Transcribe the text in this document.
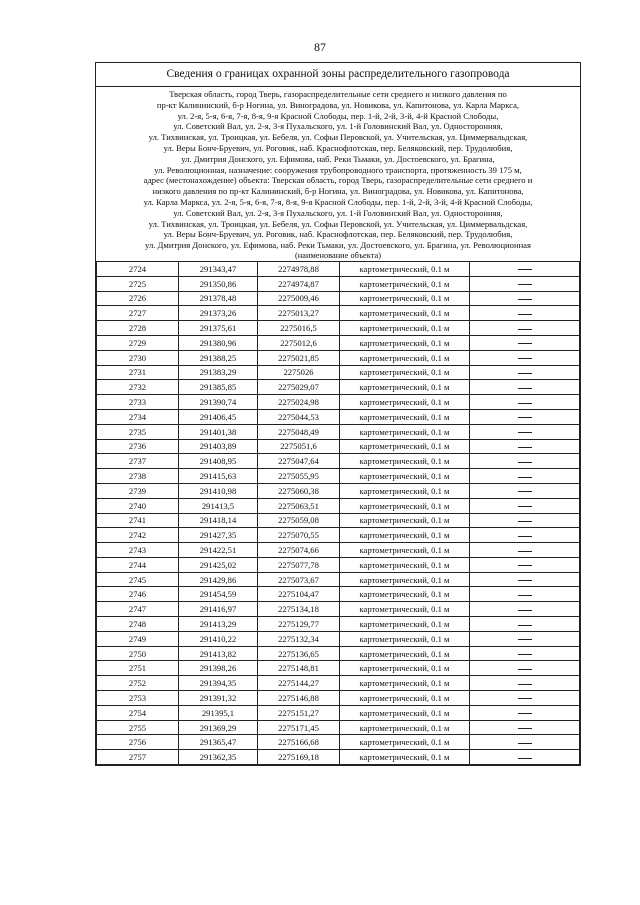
87
Сведения о границах охранной зоны распределительного газопровода
Тверская область, город Тверь, газораспределительные сети среднего и низкого давления по
пр-кт Калининский, б-р Ногина, ул. Виноградова, ул. Новикова, ул. Капитонова, ул. Карла Маркса,
ул. 2-я, 5-я, 6-я, 7-я, 8-я, 9-я Красной Слободы, пер. 1-й, 2-й, 3-й, 4-й Красной Слободы,
ул. Советский Вал, ул. 2-я, 3-я Пухальского, ул. 1-й Головинский Вал, ул. Односторонняя,
ул. Тихвинская, ул. Троицкая, ул. Бебеля, ул. Софьи Перовской, ул. Учительская, ул. Циммервальдская,
ул. Веры Бонч-Бруевич, ул. Роговик, наб. Краснофлотская, пер. Беляковский, пер. Трудолюбия,
ул. Дмитрия Донского, ул. Ефимова, наб. Реки Тьмаки, ул. Достоевского, ул. Брагина,
ул. Революционная, назначение: сооружения трубопроводного транспорта, протяженность 39 175 м,
адрес (местонахождение) объекта: Тверская область, город Тверь, газораспределительные сети среднего и
низкого давления по пр-кт Калининский, б-р Ногина, ул. Виноградова, ул. Новикова, ул. Капитонова,
ул. Карла Маркса, ул. 2-я, 5-я, 6-я, 7-я, 8-я, 9-я Красной Слободы, пер. 1-й, 2-й, 3-й, 4-й Красной Слободы,
ул. Советский Вал, ул. 2-я, 3-я Пухальского, ул. 1-й Головинский Вал, ул. Односторонняя,
ул. Тихвинская, ул. Троицкая, ул. Бебеля, ул. Софьи Перовской, ул. Учительская, ул. Циммервальдская,
ул. Веры Бонч-Бруевич, ул. Роговик, наб. Краснофлотская, пер. Беляковский, пер. Трудолюбия,
ул. Дмитрия Донского, ул. Ефимова, наб. Реки Тьмаки, ул. Достоевского, ул. Брагина, ул. Революционная
(наименование объекта)
2724	291343,47	2274978,88	картометрический, 0.1 м	
2725	291350,86	2274974,87	картометрический, 0.1 м	
2726	291378,48	2275009,46	картометрический, 0.1 м	
2727	291373,26	2275013,27	картометрический, 0.1 м	
2728	291375,61	2275016,5	картометрический, 0.1 м	
2729	291380,96	2275012,6	картометрический, 0.1 м	
2730	291388,25	2275021,85	картометрический, 0.1 м	
2731	291383,29	2275026	картометрический, 0.1 м	
2732	291385,85	2275029,07	картометрический, 0.1 м	
2733	291390,74	2275024,98	картометрический, 0.1 м	
2734	291406,45	2275044,53	картометрический, 0.1 м	
2735	291401,38	2275048,49	картометрический, 0.1 м	
2736	291403,89	2275051,6	картометрический, 0.1 м	
2737	291408,95	2275047,64	картометрический, 0.1 м	
2738	291415,63	2275055,95	картометрический, 0.1 м	
2739	291410,98	2275060,38	картометрический, 0.1 м	
2740	291413,5	2275063,51	картометрический, 0.1 м	
2741	291418,14	2275059,08	картометрический, 0.1 м	
2742	291427,35	2275070,55	картометрический, 0.1 м	
2743	291422,51	2275074,66	картометрический, 0.1 м	
2744	291425,02	2275077,78	картометрический, 0.1 м	
2745	291429,86	2275073,67	картометрический, 0.1 м	
2746	291454,59	2275104,47	картометрический, 0.1 м	
2747	291416,97	2275134,18	картометрический, 0.1 м	
2748	291413,29	2275129,77	картометрический, 0.1 м	
2749	291410,22	2275132,34	картометрический, 0.1 м	
2750	291413,82	2275136,65	картометрический, 0.1 м	
2751	291398,26	2275148,81	картометрический, 0.1 м	
2752	291394,35	2275144,27	картометрический, 0.1 м	
2753	291391,32	2275146,88	картометрический, 0.1 м	
2754	291395,1	2275151,27	картометрический, 0.1 м	
2755	291369,29	2275171,45	картометрический, 0.1 м	
2756	291365,47	2275166,68	картометрический, 0.1 м	
2757	291362,35	2275169,18	картометрический, 0.1 м	
